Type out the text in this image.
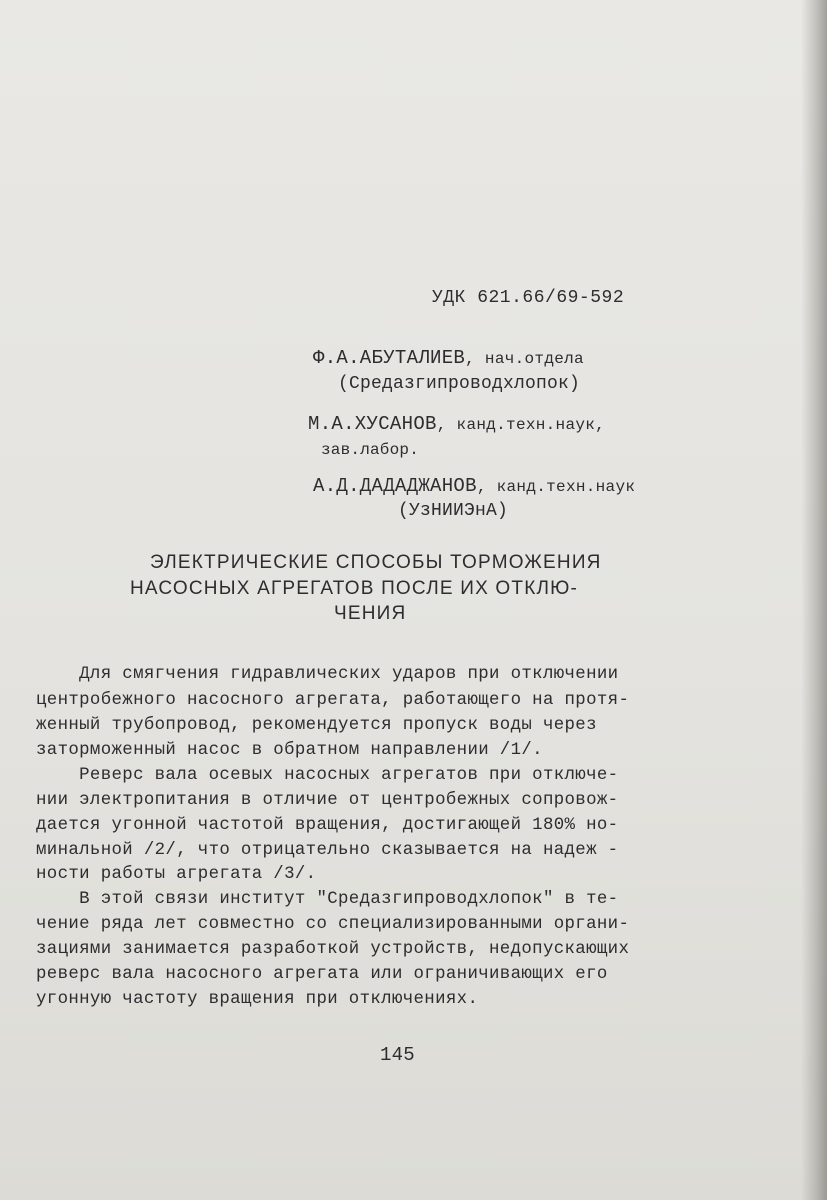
УДК 621.66/69-592
Ф.А.АБУТАЛИЕВ, нач.отдела
(Средазгипроводхлопок)
М.А.ХУСАНОВ, канд.техн.наук,
зав.лабор.
А.Д.ДАДАДЖАНОВ, канд.техн.наук
(УзНИИЭнА)
ЭЛЕКТРИЧЕСКИЕ СПОСОБЫ ТОРМОЖЕНИЯ
НАСОСНЫХ АГРЕГАТОВ ПОСЛЕ ИХ ОТКЛЮ-
ЧЕНИЯ
Для смягчения гидравлических ударов при отключении
центробежного насосного агрегата, работающего на протя-
женный трубопровод, рекомендуется пропуск воды через
заторможенный насос в обратном направлении /1/.
Реверс вала осевых насосных агрегатов при отключе-
нии электропитания в отличие от центробежных сопровож-
дается угонной частотой вращения, достигающей 180% но-
минальной /2/, что отрицательно сказывается на надеж -
ности работы агрегата /3/.
В этой связи институт "Средазгипроводхлопок" в те-
чение ряда лет совместно со специализированными органи-
зациями занимается разработкой устройств, недопускающих
реверс вала насосного агрегата или ограничивающих его
угонную частоту вращения при отключениях.
145
